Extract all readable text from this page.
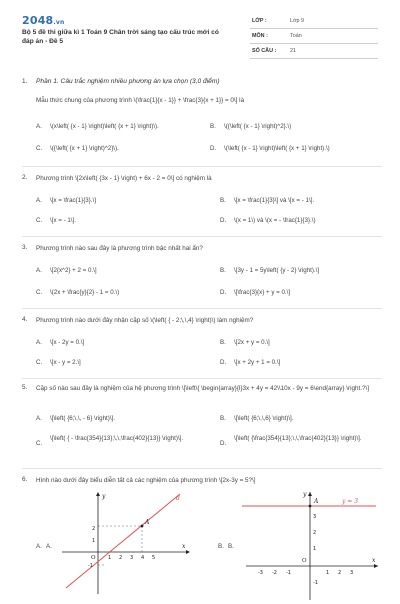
2048.vn
Bộ 5 đề thi giữa kì 1 Toán 9 Chân trời sáng tạo cấu trúc mới có đáp án - Đề 5
LỚP :	Lớp 9
MÔN :	Toán
SỐ CÂU :	21
1. Phần 1. Câu trắc nghiệm nhiều phương án lựa chọn (3,0 điểm)
Mẫu thức chung của phương trình \(\frac{1}{x - 1}} + \frac{3}{x + 1}} = 0\] là
A. \(x\left( {x - 1} \right)\left( {x + 1} \right)\).	B. \({\left( {x - 1} \right)^2}.\)
C. \({\left( {x + 1} \right)^2}\).	D. \(\left( {x - 1} \right)\left( {x + 1} \right).\)
2. Phương trình \[2x\left( {3x - 1} \right) + 6x - 2 = 0\] có nghiệm là
A. \[x = \frac{1}{3}.\]	B. \[x = \frac{1}{3}\] và \[x = - 1\].
C. \[x = - 1\].	D. \(x = 1\) và \(x = - \frac{1}{3}.\)
3. Phương trình nào sau đây là phương trình bậc nhất hai ẩn?
A. \[2{x^2} + 2 = 0.\]	B. \[3y - 1 = 5y\left( {y - 2} \right).\]
C. \(2x + \frac{y}{2} - 1 = 0.\)	D. \[\frac{3}{x} + y = 0.\]
4. Phương trình nào dưới đây nhận cặp số \(\left( { - 2;\,\,4} \right)\) làm nghiệm?
A. \[x - 2y = 0.\]	B. \[2x + y = 0.\]
C. \[x - y = 2.\]	D. \[x + 2y + 1 = 0.\]
5. Cặp số nào sau đây là nghiệm của hệ phương trình \[\left\{ \begin{array}{l}3x + 4y = 42\\10x - 9y = 6\end{array} \right.?\]
A. \[\left( {6;\,\, - 6} \right)\].	B. \[\left( {6;\,\,6} \right)\].
C.
\[\left( { - \frac{354}{13};\,\,\frac{402}{13}} \right)\].
D.
\[\left( {\frac{354}{13};\,\,\frac{402}{13}} \right)\].
6. Hình nào dưới đây biểu diễn tất cả các nghiệm của phương trình \[2x-3y = 5?\]
A. A.
d
A
x
y
O 1 2 3 4 5
2
1
-1
B. B.
y = 3
A
x
y
O
-3 -2 -1	1 2 3
3
2
1
-1
